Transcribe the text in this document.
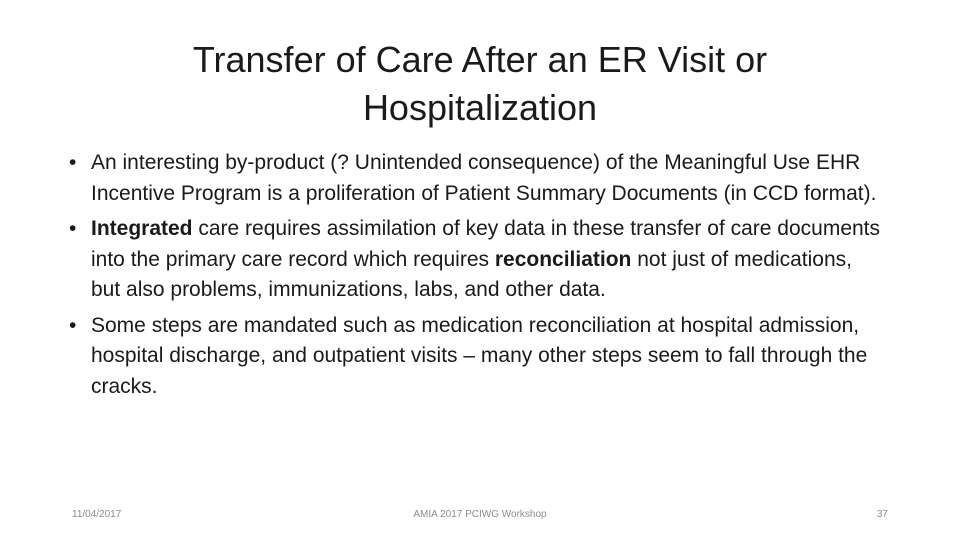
Transfer of Care After an ER Visit or Hospitalization
• An interesting by-product (? Unintended consequence) of the Meaningful Use EHR Incentive Program is a proliferation of Patient Summary Documents (in CCD format).
• Integrated care requires assimilation of key data in these transfer of care documents into the primary care record which requires reconciliation not just of medications, but also problems, immunizations, labs, and other data.
• Some steps are mandated such as medication reconciliation at hospital admission, hospital discharge, and outpatient visits – many other steps seem to fall through the cracks.
11/04/2017	AMIA 2017 PCIWG Workshop	37
